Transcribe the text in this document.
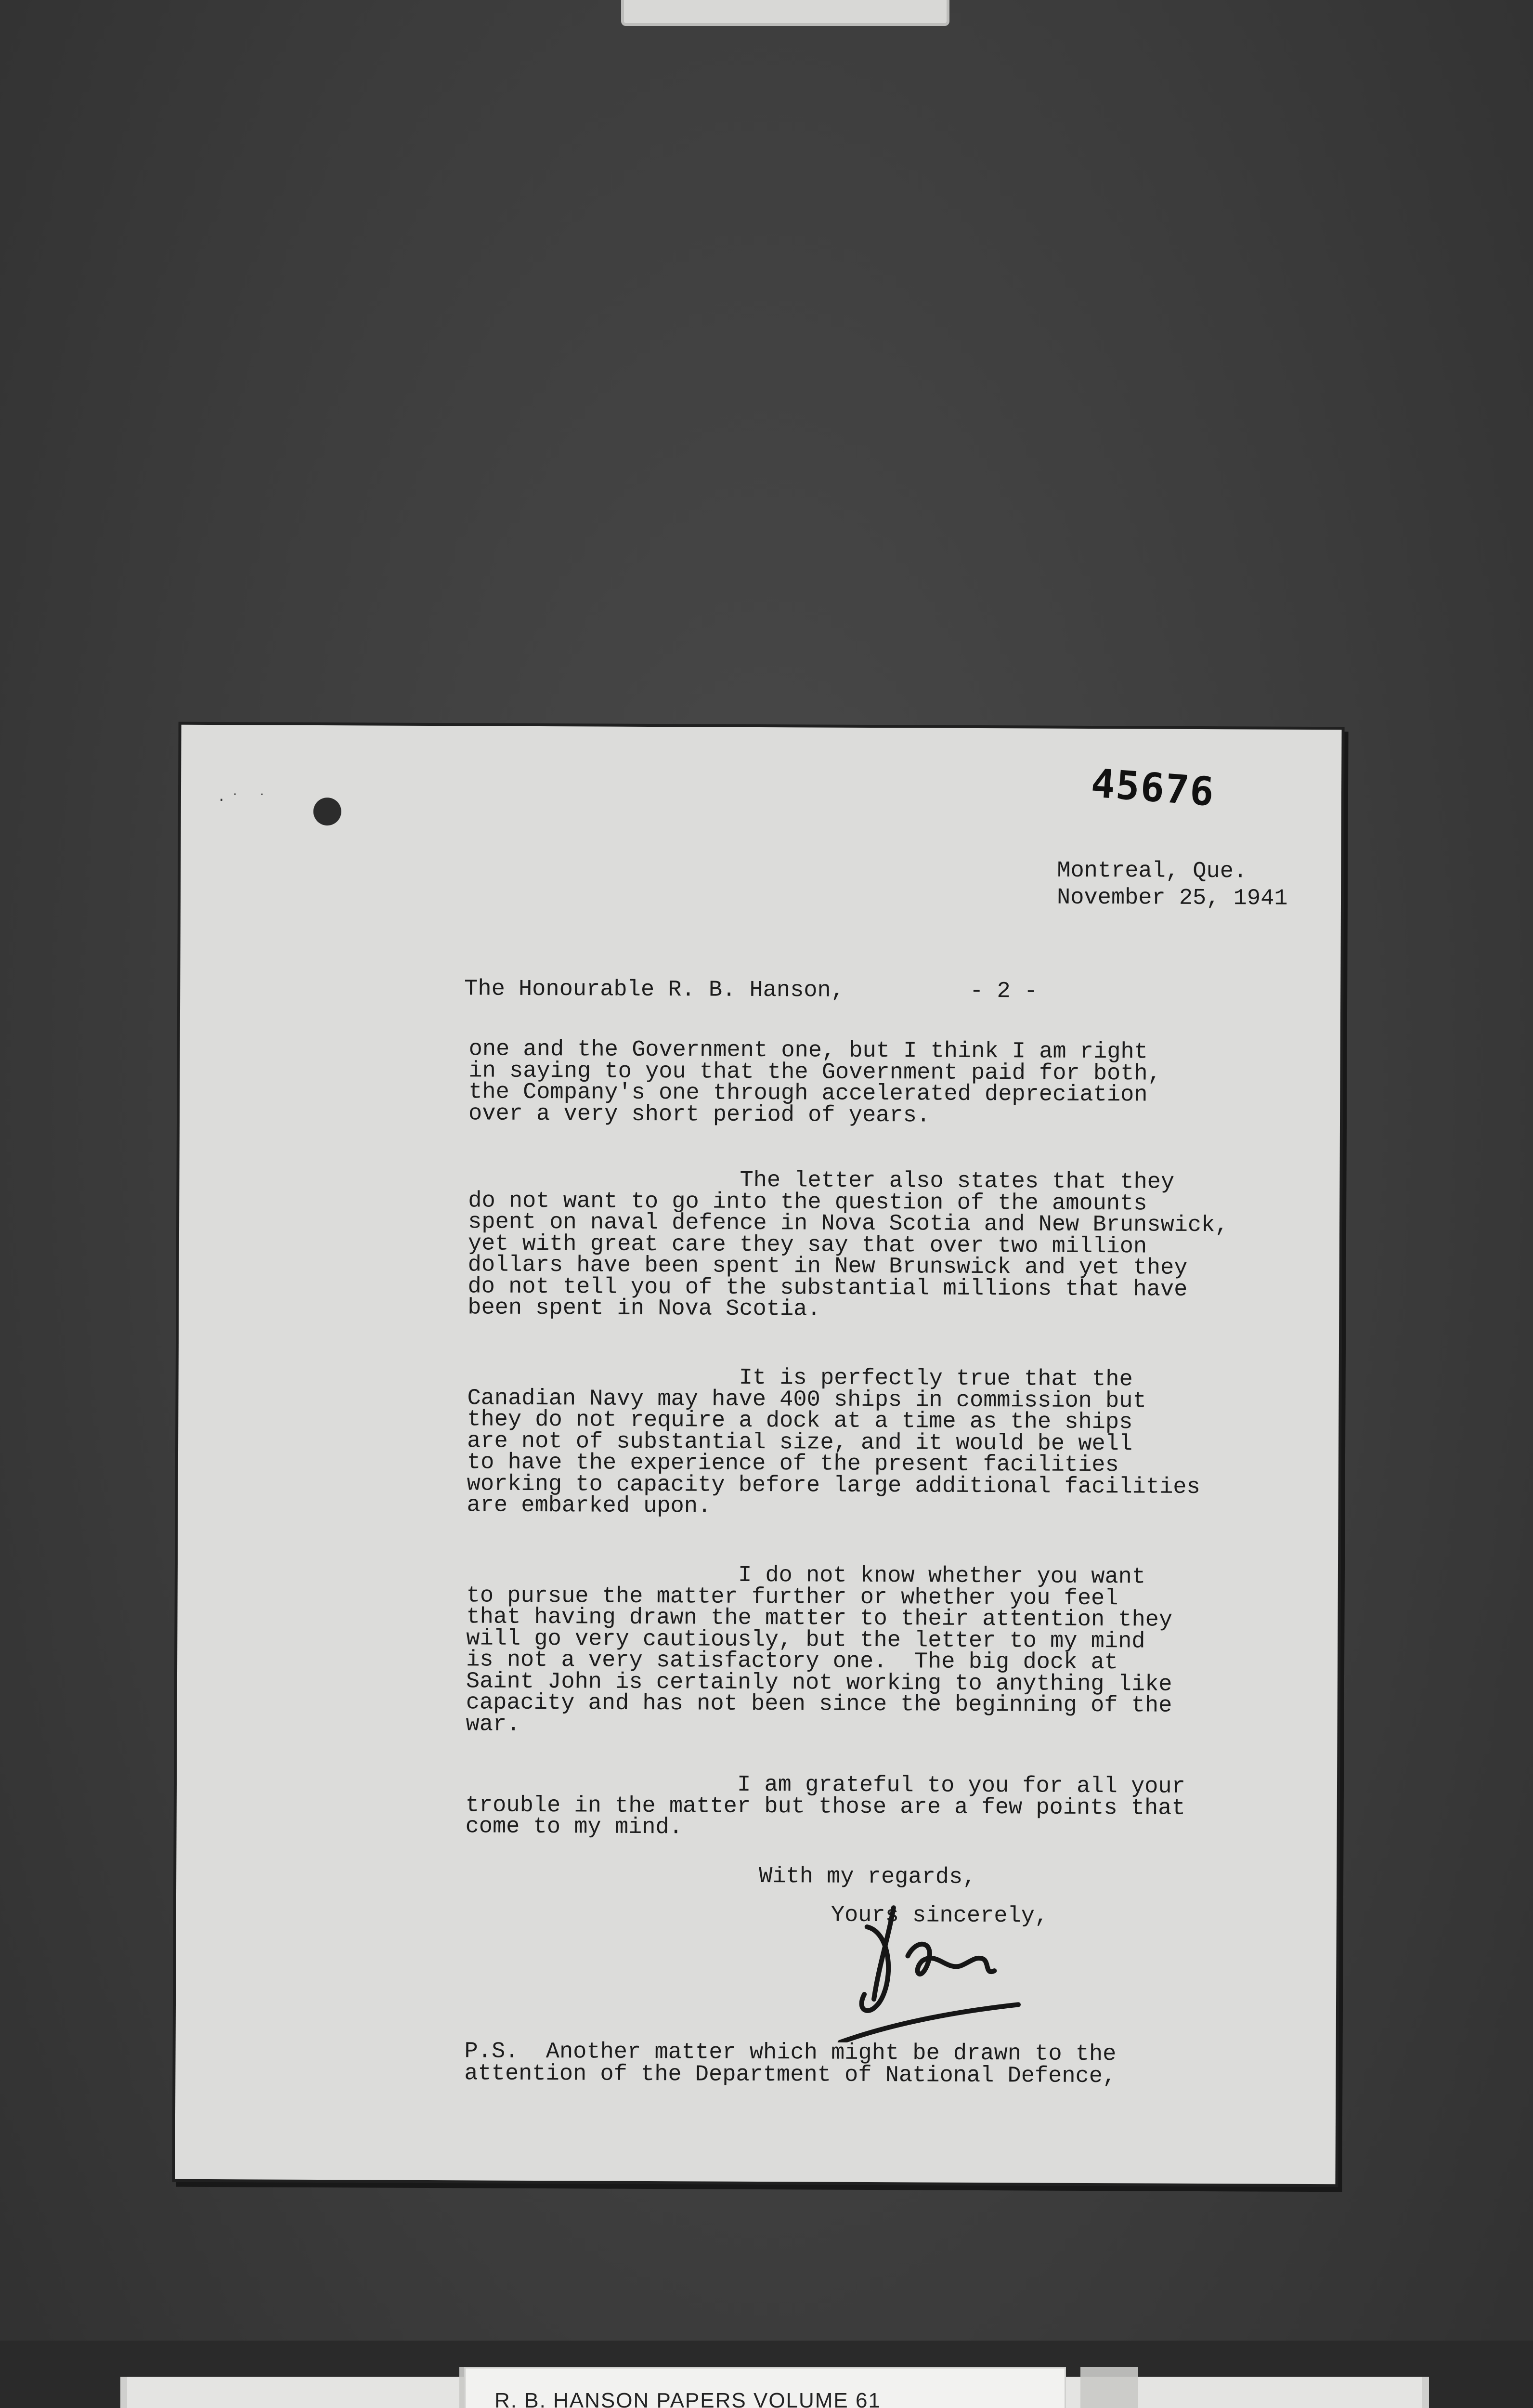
·˙ ˙	45676
Montreal, Que.
November 25, 1941
The Honourable R. B. Hanson,	- 2 -
one and the Government one, but I think I am right
in saying to you that the Government paid for both,
the Company's one through accelerated depreciation
over a very short period of years.
The letter also states that they
do not want to go into the question of the amounts
spent on naval defence in Nova Scotia and New Brunswick,
yet with great care they say that over two million
dollars have been spent in New Brunswick and yet they
do not tell you of the substantial millions that have
been spent in Nova Scotia.
It is perfectly true that the
Canadian Navy may have 400 ships in commission but
they do not require a dock at a time as the ships
are not of substantial size, and it would be well
to have the experience of the present facilities
working to capacity before large additional facilities
are embarked upon.
I do not know whether you want
to pursue the matter further or whether you feel
that having drawn the matter to their attention they
will go very cautiously, but the letter to my mind
is not a very satisfactory one.  The big dock at
Saint John is certainly not working to anything like
capacity and has not been since the beginning of the
war.
I am grateful to you for all your
trouble in the matter but those are a few points that
come to my mind.
With my regards,
Yours sincerely,
P.S.  Another matter which might be drawn to the
attention of the Department of National Defence,
R. B. HANSON PAPERS VOLUME 61
